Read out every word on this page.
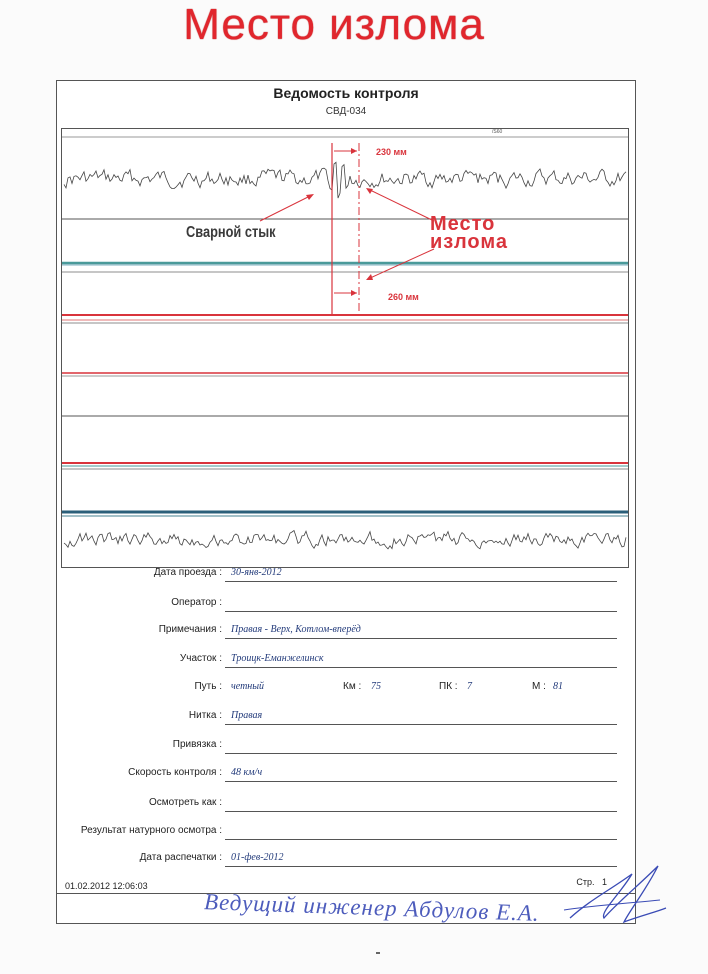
Место излома
Ведомость контроля
СВД-034
/S60
230 мм
260 мм
Сварной стык	Место
излома
Дата проезда : 30-янв-2012
Оператор :
Примечания : Правая - Верх, Котлом-вперёд
Участок : Троицк-Еманжелинск
Путь : четный	Км : 75	ПК : 7	М : 81
Нитка : Правая
Привязка :
Скорость контроля : 48 км/ч
Осмотреть как :
Результат натурного осмотра :
Дата распечатки : 01-фев-2012
01.02.2012 12:06:03	Стр. 1
Ведущий инженер Абдулов Е.А.
